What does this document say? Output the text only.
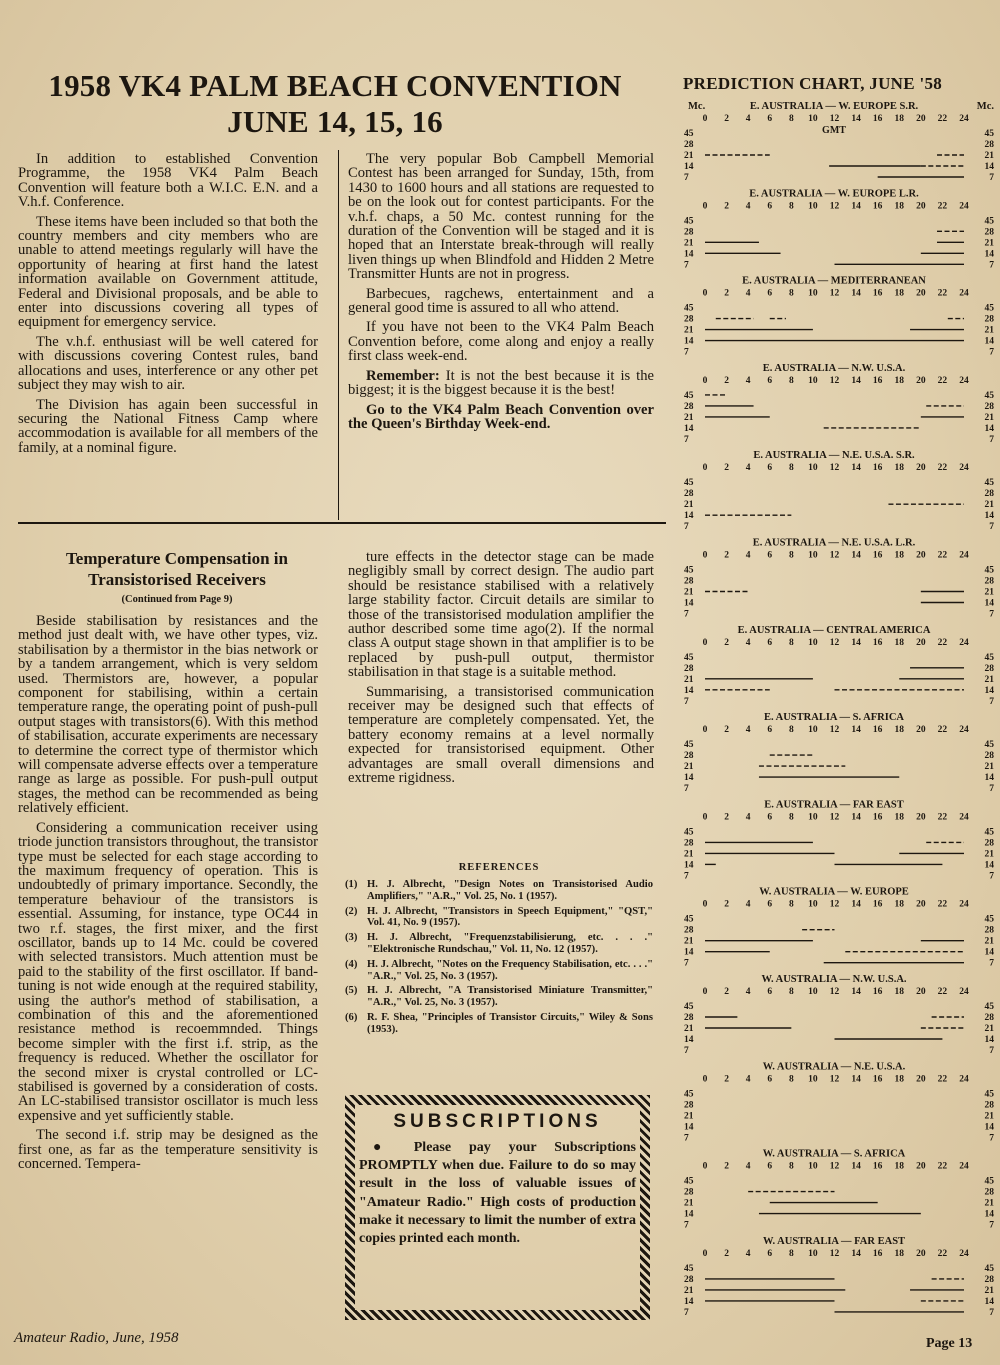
1958 VK4 PALM BEACH CONVENTION
JUNE 14, 15, 16

In addition to established Convention Programme, the 1958 VK4 Palm Beach Convention will feature both a W.I.C. E.N. and a V.h.f. Conference.

These items have been included so that both the country members and city members who are unable to attend meetings regularly will have the opportunity of hearing at first hand the latest information available on Government attitude, Federal and Divisional proposals, and be able to enter into discussions covering all types of equipment for emergency service.

The v.h.f. enthusiast will be well catered for with discussions covering Contest rules, band allocations and uses, interference or any other pet subject they may wish to air.

The Division has again been successful in securing the National Fitness Camp where accommodation is available for all members of the family, at a nominal figure.

The very popular Bob Campbell Memorial Contest has been arranged for Sunday, 15th, from 1430 to 1600 hours and all stations are requested to be on the look out for contest participants. For the v.h.f. chaps, a 50 Mc. contest running for the duration of the Convention will be staged and it is hoped that an Interstate break-through will really liven things up when Blindfold and Hidden 2 Metre Transmitter Hunts are not in progress.

Barbecues, ragchews, entertainment and a general good time is assured to all who attend.

If you have not been to the VK4 Palm Beach Convention before, come along and enjoy a really first class week-end.

Remember: It is not the best because it is the biggest; it is the biggest because it is the best!

Go to the VK4 Palm Beach Convention over the Queen's Birthday Week-end.

Temperature Compensation in Transistorised Receivers
(Continued from Page 9)

Beside stabilisation by resistances and the method just dealt with, we have other types, viz. stabilisation by a thermistor in the bias network or by a tandem arrangement, which is very seldom used. Thermistors are, however, a popular component for stabilising, within a certain temperature range, the operating point of push-pull output stages with transistors(6). With this method of stabilisation, accurate experiments are necessary to determine the correct type of thermistor which will compensate adverse effects over a temperature range as large as possible. For push-pull output stages, the method can be recommended as being relatively efficient.

Considering a communication receiver using triode junction transistors throughout, the transistor type must be selected for each stage according to the maximum frequency of operation. This is undoubtedly of primary importance. Secondly, the temperature behaviour of the transistors is essential. Assuming, for instance, type OC44 in two r.f. stages, the first mixer, and the first oscillator, bands up to 14 Mc. could be covered with selected transistors. Much attention must be paid to the stability of the first oscillator. If band-tuning is not wide enough at the required stability, using the author's method of stabilisation, a combination of this and the aforementioned resistance method is recoemmnded. Things become simpler with the first i.f. strip, as the frequency is reduced. Whether the oscillator for the second mixer is crystal controlled or LC-stabilised is governed by a consideration of costs. An LC-stabilised transistor oscillator is much less expensive and yet sufficiently stable.

The second i.f. strip may be designed as the first one, as far as the temperature sensitivity is concerned. Tempera-

ture effects in the detector stage can be made negligibly small by correct design. The audio part should be resistance stabilised with a relatively large stability factor. Circuit details are similar to those of the transistorised modulation amplifier the author described some time ago(2). If the normal class A output stage shown in that amplifier is to be replaced by push-pull output, thermistor stabilisation in that stage is a suitable method.

Summarising, a transistorised communication receiver may be designed such that effects of temperature are completely compensated. Yet, the battery economy remains at a level normally expected for transistorised equipment. Other advantages are small overall dimensions and extreme rigidness.

REFERENCES
(1) H. J. Albrecht, "Design Notes on Transistorised Audio Amplifiers," "A.R.," Vol. 25, No. 1 (1957).
(2) H. J. Albrecht, "Transistors in Speech Equipment," "QST," Vol. 41, No. 9 (1957).
(3) H. J. Albrecht, "Frequenzstabilisierung, etc. . . ." "Elektronische Rundschau," Vol. 11, No. 12 (1957).
(4) H. J. Albrecht, "Notes on the Frequency Stabilisation, etc. . . ." "A.R.," Vol. 25, No. 3 (1957).
(5) H. J. Albrecht, "A Transistorised Miniature Transmitter," "A.R.," Vol. 25, No. 3 (1957).
(6) R. F. Shea, "Principles of Transistor Circuits," Wiley & Sons (1953).
SUBSCRIPTIONS

● Please pay your Subscriptions PROMPTLY when due. Failure to do so may result in the loss of valuable issues of "Amateur Radio." High costs of production make it necessary to limit the number of extra copies printed each month.

PREDICTION CHART, JUNE '58
Mc.	Mc.
E. AUSTRALIA — W. EUROPE S.R.
0 2 4 6 8 10 12 14 16 18 20 22 24
GMT
45	45
28	28
21	21
14	14
7	7
E. AUSTRALIA — W. EUROPE L.R.
0 2 4 6 8 10 12 14 16 18 20 22 24
45	45
28	28
21	21
14	14
7	7
E. AUSTRALIA — MEDITERRANEAN
0 2 4 6 8 10 12 14 16 18 20 22 24
45	45
28	28
21	21
14	14
7	7
E. AUSTRALIA — N.W. U.S.A.
0 2 4 6 8 10 12 14 16 18 20 22 24
45	45
28	28
21	21
14	14
7	7
E. AUSTRALIA — N.E. U.S.A. S.R.
0 2 4 6 8 10 12 14 16 18 20 22 24
45	45
28	28
21	21
14	14
7	7
E. AUSTRALIA — N.E. U.S.A. L.R.
0 2 4 6 8 10 12 14 16 18 20 22 24
45	45
28	28
21	21
14	14
7	7
E. AUSTRALIA — CENTRAL AMERICA
0 2 4 6 8 10 12 14 16 18 20 22 24
45	45
28	28
21	21
14	14
7	7
E. AUSTRALIA — S. AFRICA
0 2 4 6 8 10 12 14 16 18 20 22 24
45	45
28	28
21	21
14	14
7	7
E. AUSTRALIA — FAR EAST
0 2 4 6 8 10 12 14 16 18 20 22 24
45	45
28	28
21	21
14	14
7	7
W. AUSTRALIA — W. EUROPE
0 2 4 6 8 10 12 14 16 18 20 22 24
45	45
28	28
21	21
14	14
7	7
W. AUSTRALIA — N.W. U.S.A.
0 2 4 6 8 10 12 14 16 18 20 22 24
45	45
28	28
21	21
14	14
7	7
W. AUSTRALIA — N.E. U.S.A.
0 2 4 6 8 10 12 14 16 18 20 22 24
45	45
28	28
21	21
14	14
7	7
W. AUSTRALIA — S. AFRICA
0 2 4 6 8 10 12 14 16 18 20 22 24
45	45
28	28
21	21
14	14
7	7
W. AUSTRALIA — FAR EAST
0 2 4 6 8 10 12 14 16 18 20 22 24
45	45
28	28
21	21
14	14
7	7
Amateur Radio, June, 1958	Page 13
